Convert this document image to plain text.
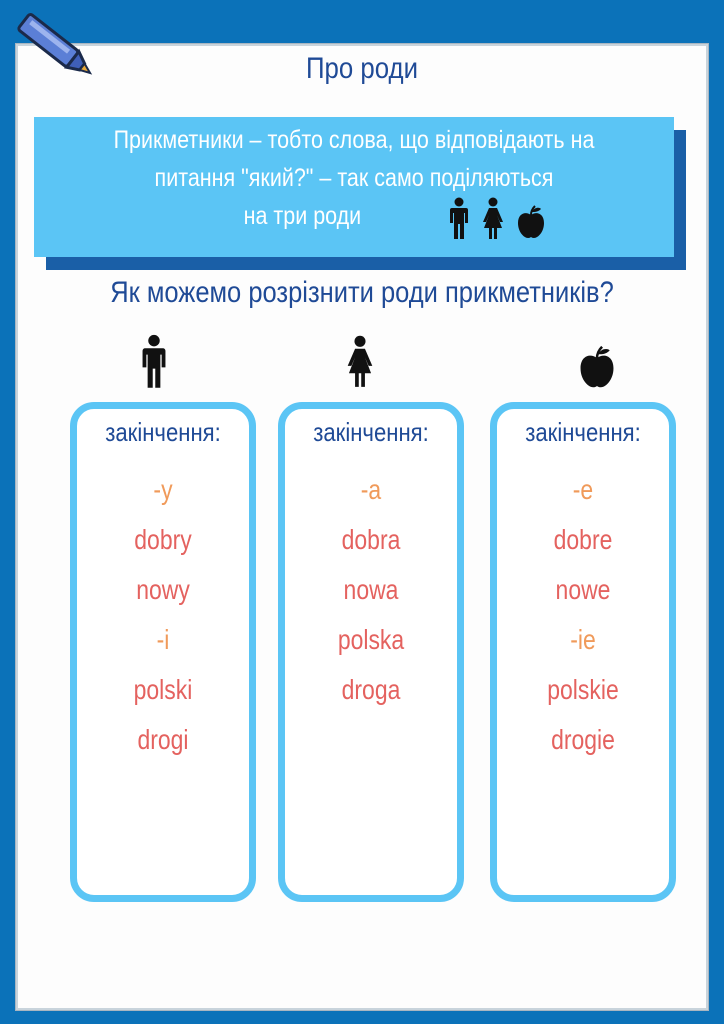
Про роди
Прикметники – тобто слова, що відповідають на
питання "який?" – так само поділяються
на три роди
Як можемо розрізнити роди прикметників?
закінчення:
-y
dobry
nowy
-i
polski
drogi
закінчення:
-a
dobra
nowa
polska
droga
закінчення:
-e
dobre
nowe
-ie
polskie
drogie
